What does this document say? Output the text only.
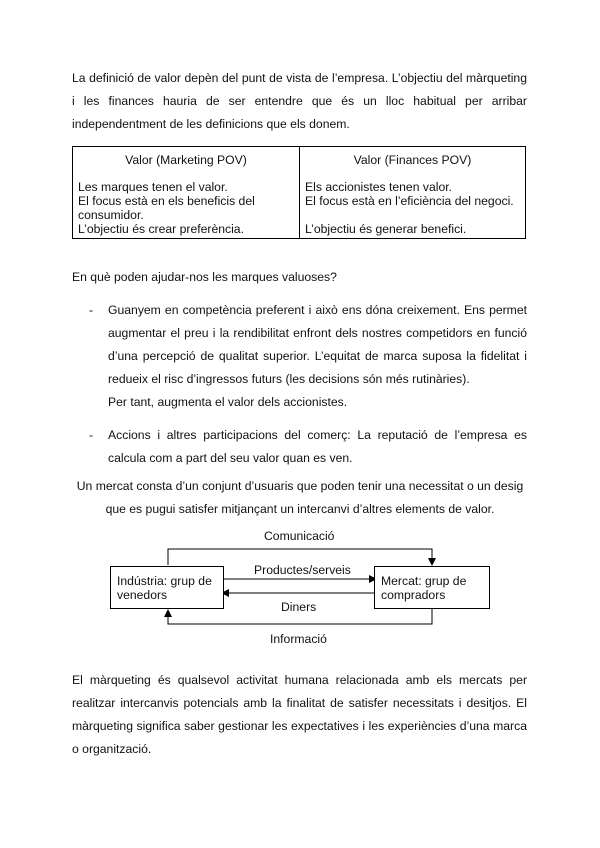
La definició de valor depèn del punt de vista de l’empresa. L’objectiu del màrqueting
i les finances hauria de ser entendre que és un lloc habitual per arribar
independentment de les definicions que els donem.
Valor (Marketing POV)
Les marques tenen el valor.
El focus està en els beneficis del
consumidor.
L’objectiu és crear preferència.
Valor (Finances POV)
Els accionistes tenen valor.
El focus està en l’eficiència del negoci.
L’objectiu és generar benefici.
En què poden ajudar-nos les marques valuoses?
- Guanyem en competència preferent i això ens dóna creixement. Ens permet
augmentar el preu i la rendibilitat enfront dels nostres competidors en funció
d’una percepció de qualitat superior. L’equitat de marca suposa la fidelitat i
redueix el risc d’ingressos futurs (les decisions són més rutinàries).
Per tant, augmenta el valor dels accionistes.
- Accions i altres participacions del comerç: La reputació de l’empresa es
calcula com a part del seu valor quan es ven.
Un mercat consta d’un conjunt d’usuaris que poden tenir una necessitat o un desig
que es pugui satisfer mitjançant un intercanvi d’altres elements de valor.
Comunicació
Informació
Indústria: grup de
venedors
Mercat: grup de
compradors
Productes/serveis
Diners
El màrqueting és qualsevol activitat humana relacionada amb els mercats per
realitzar intercanvis potencials amb la finalitat de satisfer necessitats i desitjos. El
màrqueting significa saber gestionar les expectatives i les experiències d’una marca
o organització.
